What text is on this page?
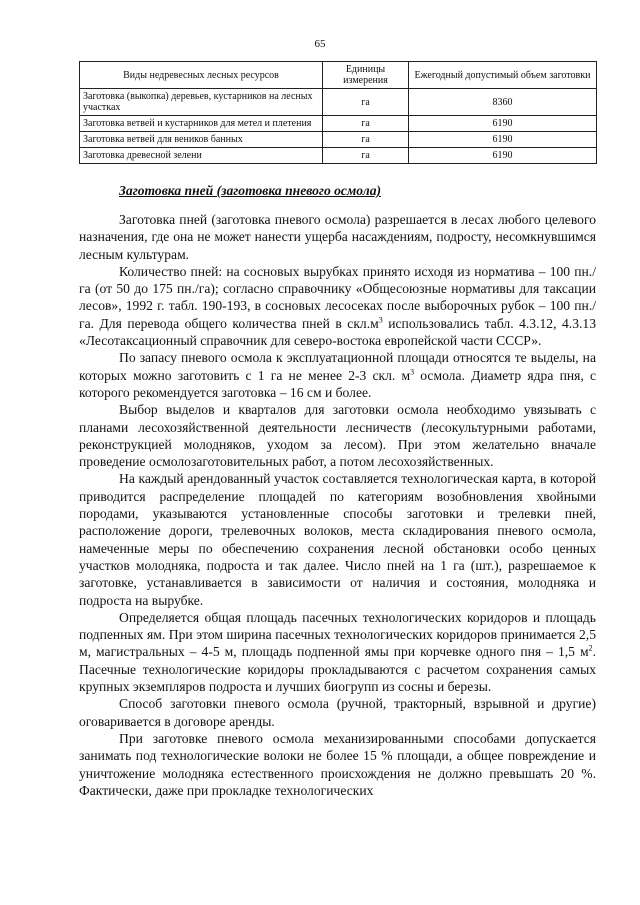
65
Виды недревесных лесных ресурсов	Единицы измерения	Ежегодный допустимый объем заготовки
Заготовка (выкопка) деревьев, кустарников на лесных участках	га	8360
Заготовка ветвей и кустарников для метел и плетения	га	6190
Заготовка ветвей для веников банных	га	6190
Заготовка древесной зелени	га	6190
Заготовка пней (заготовка пневого осмола)

Заготовка пней (заготовка пневого осмола) разрешается в лесах любого целевого назначения, где она не может нанести ущерба насаждениям, подросту, несомкнувшимся лесным культурам.

Количество пней: на сосновых вырубках принято исходя из норматива – 100 пн./га (от 50 до 175 пн./га); согласно справочнику «Общесоюзные нормативы для таксации лесов», 1992 г. табл. 190-193, в сосновых лесосеках после выборочных рубок – 100 пн./га. Для перевода общего количества пней в $скл.м^3$ использовались табл. 4.3.12, 4.3.13 «Лесотаксационный справочник для северо-востока европейской части СССР».

По запасу пневого осмола к эксплуатационной площади относятся те выделы, на которых можно заготовить с 1 га не менее 2-3 скл. $м^3$ осмола. Диаметр ядра пня, с которого рекомендуется заготовка – 16 см и более.

Выбор выделов и кварталов для заготовки осмола необходимо увязывать с планами лесохозяйственной деятельности лесничеств (лесокультурными работами, реконструкцией молодняков, уходом за лесом). При этом желательно вначале проведение осмолозаготовительных работ, а потом лесохозяйственных.

На каждый арендованный участок составляется технологическая карта, в которой приводится распределение площадей по категориям возобновления хвойными породами, указываются установленные способы заготовки и трелевки пней, расположение дороги, трелевочных волоков, места складирования пневого осмола, намеченные меры по обеспечению сохранения лесной обстановки особо ценных участков молодняка, подроста и так далее. Число пней на 1 га (шт.), разрешаемое к заготовке, устанавливается в зависимости от наличия и состояния, молодняка и подроста на вырубке.

Определяется общая площадь пасечных технологических коридоров и площадь подпенных ям. При этом ширина пасечных технологических коридоров принимается 2,5 м, магистральных – 4-5 м, площадь подпенной ямы при корчевке одного пня – 1,5 $м^2$. Пасечные технологические коридоры прокладываются с расчетом сохранения самых крупных экземпляров подроста и лучших биогрупп из сосны и березы.

Способ заготовки пневого осмола (ручной, тракторный, взрывной и другие) оговаривается в договоре аренды.

При заготовке пневого осмола механизированными способами допускается занимать под технологические волоки не более 15 % площади, а общее повреждение и уничтожение молодняка естественного происхождения не должно превышать 20 %. Фактически, даже при прокладке технологических
